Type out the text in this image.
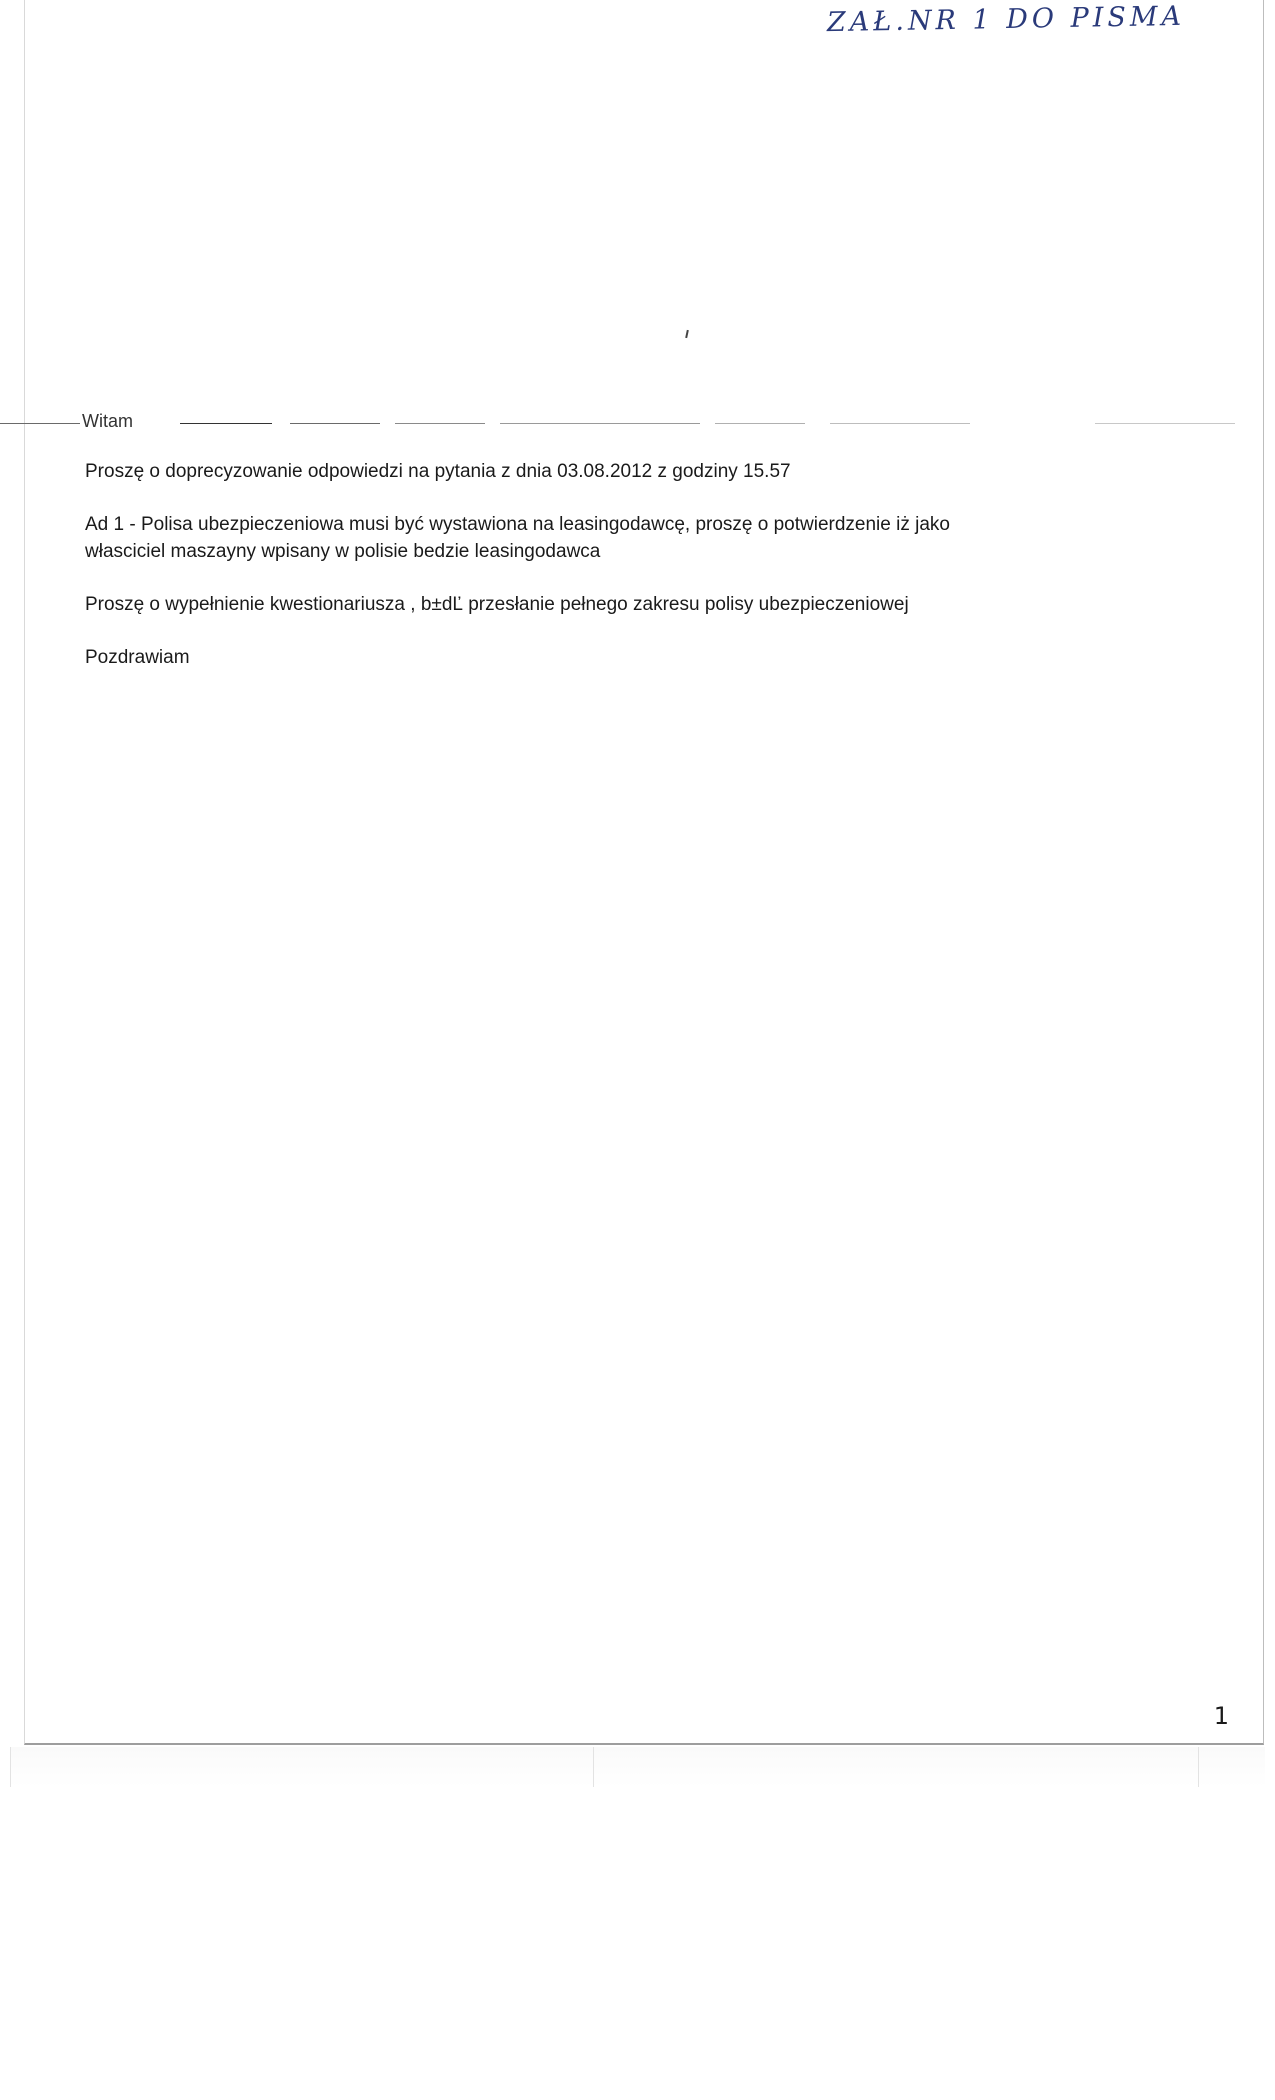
ZAŁ.NR 1 DO PISMA
1
Witam

Proszę o doprecyzowanie odpowiedzi na pytania z dnia 03.08.2012 z godziny 15.57

Ad 1 - Polisa ubezpieczeniowa musi być wystawiona na leasingodawcę, proszę o potwierdzenie iż jako
własciciel maszayny wpisany w polisie bedzie leasingodawca

Proszę o wypełnienie kwestionariusza , b±dĽ przesłanie pełnego zakresu polisy ubezpieczeniowej

Pozdrawiam
